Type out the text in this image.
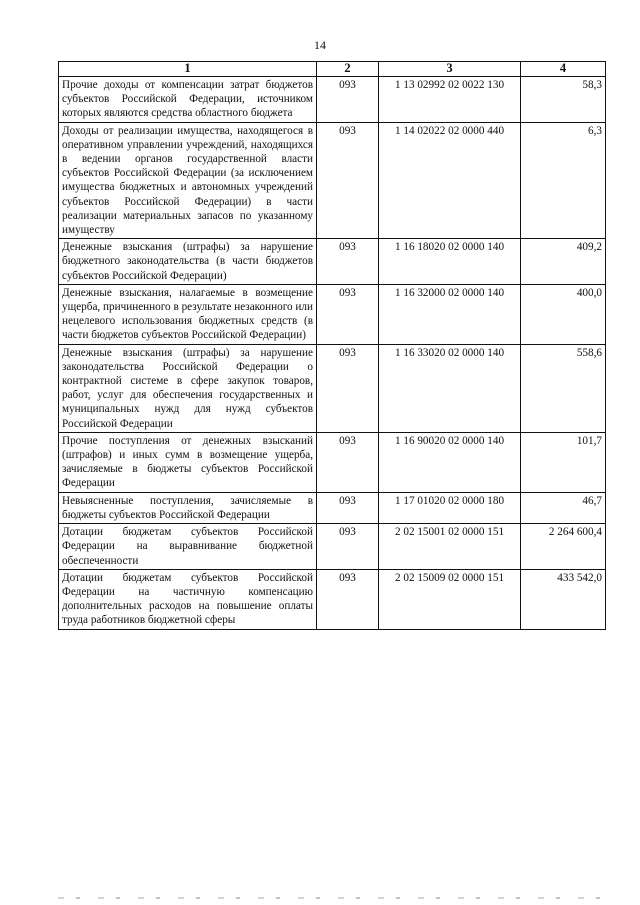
14
1	2	3	4
Прочие доходы от компенсации затрат бюджетов субъектов Российской Федерации, источником которых являются средства областного бюджета	093	1 13 02992 02 0022 130	58,3
Доходы от реализации имущества, находящегося в оперативном управлении учреждений, находящихся в ведении органов государственной власти субъектов Российской Федерации (за исключением имущества бюджетных и автономных учреждений субъектов Российской Федерации) в части реализации материальных запасов по указанному имуществу	093	1 14 02022 02 0000 440	6,3
Денежные взыскания (штрафы) за нарушение бюджетного законодательства (в части бюджетов субъектов Российской Федерации)	093	1 16 18020 02 0000 140	409,2
Денежные взыскания, налагаемые в возмещение ущерба, причиненного в результате незаконного или нецелевого использования бюджетных средств (в части бюджетов субъектов Российской Федерации)	093	1 16 32000 02 0000 140	400,0
Денежные взыскания (штрафы) за нарушение законодательства Российской Федерации о контрактной системе в сфере закупок товаров, работ, услуг для обеспечения государственных и муниципальных нужд для нужд субъектов Российской Федерации	093	1 16 33020 02 0000 140	558,6
Прочие поступления от денежных взысканий (штрафов) и иных сумм в возмещение ущерба, зачисляемые в бюджеты субъектов Российской Федерации	093	1 16 90020 02 0000 140	101,7
Невыясненные поступления, зачисляемые в бюджеты субъектов Российской Федерации	093	1 17 01020 02 0000 180	46,7
Дотации бюджетам субъектов Российской Федерации на выравнивание бюджетной обеспеченности	093	2 02 15001 02 0000 151	2 264 600,4
Дотации бюджетам субъектов Российской Федерации на частичную компенсацию дополнительных расходов на повышение оплаты труда работников бюджетной сферы	093	2 02 15009 02 0000 151	433 542,0
